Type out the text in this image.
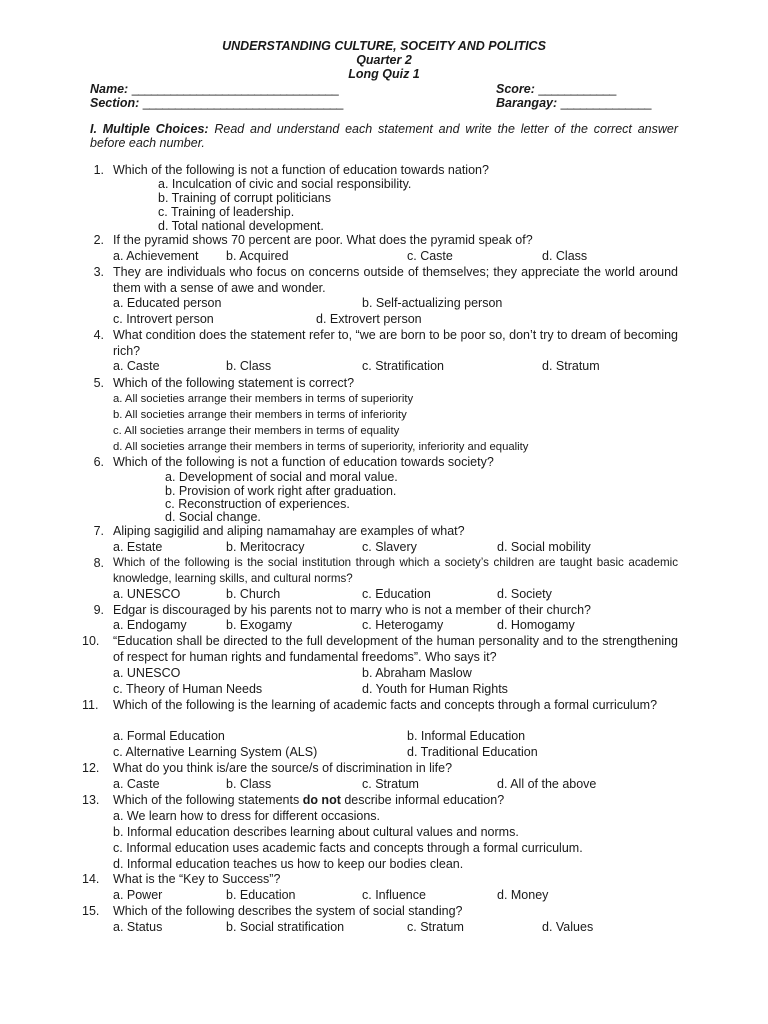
UNDERSTANDING CULTURE, SOCEITY AND POLITICS
Quarter 2
Long Quiz 1
Name: ________________________________	Score: ____________
Section: _______________________________	Barangay: ______________
I. Multiple Choices: Read and understand each statement and write the letter of the correct answer before each number.
1. Which of the following is not a function of education towards nation?
a. Inculcation of civic and social responsibility.
b. Training of corrupt politicians
c. Training of leadership.
d. Total national development.
2. If the pyramid shows 70 percent are poor. What does the pyramid speak of?
a. Achievement b. Acquired	c. Caste	d. Class
3. They are individuals who focus on concerns outside of themselves; they appreciate the world around them with a sense of awe and wonder.
a. Educated person	b. Self-actualizing person
c. Introvert person	d. Extrovert person
4. What condition does the statement refer to, “we are born to be poor so, don’t try to dream of becoming rich?
a. Caste	b. Class	c. Stratification	d. Stratum
5. Which of the following statement is correct?
a. All societies arrange their members in terms of superiority
b. All societies arrange their members in terms of inferiority
c. All societies arrange their members in terms of equality
d. All societies arrange their members in terms of superiority, inferiority and equality
6. Which of the following is not a function of education towards society?
a. Development of social and moral value.
b. Provision of work right after graduation.
c. Reconstruction of experiences.
d. Social change.
7. Aliping sagigilid and aliping namamahay are examples of what?
a. Estate	b. Meritocracy	c. Slavery	d. Social mobility
8. Which of the following is the social institution through which a society’s children are taught basic academic knowledge, learning skills, and cultural norms?
a. UNESCO	b. Church	c. Education	d. Society
9. Edgar is discouraged by his parents not to marry who is not a member of their church?
a. Endogamy	b. Exogamy	c. Heterogamy	d. Homogamy
10.	“Education shall be directed to the full development of the human personality and to the strengthening of respect for human rights and fundamental freedoms”. Who says it?
a. UNESCO	b. Abraham Maslow
c. Theory of Human Needs	d. Youth for Human Rights
11.	Which of the following is the learning of academic facts and concepts through a formal curriculum?
a. Formal Education	b. Informal Education
c. Alternative Learning System (ALS)	d. Traditional Education
12.	What do you think is/are the source/s of discrimination in life?
a. Caste	b. Class	c. Stratum	d. All of the above
13.	Which of the following statements do not describe informal education?
a. We learn how to dress for different occasions.
b. Informal education describes learning about cultural values and norms.
c. Informal education uses academic facts and concepts through a formal curriculum.
d. Informal education teaches us how to keep our bodies clean.
14.	What is the “Key to Success”?
a. Power	b. Education	c. Influence	d. Money
15.	Which of the following describes the system of social standing?
a. Status	b. Social stratification	c. Stratum	d. Values
